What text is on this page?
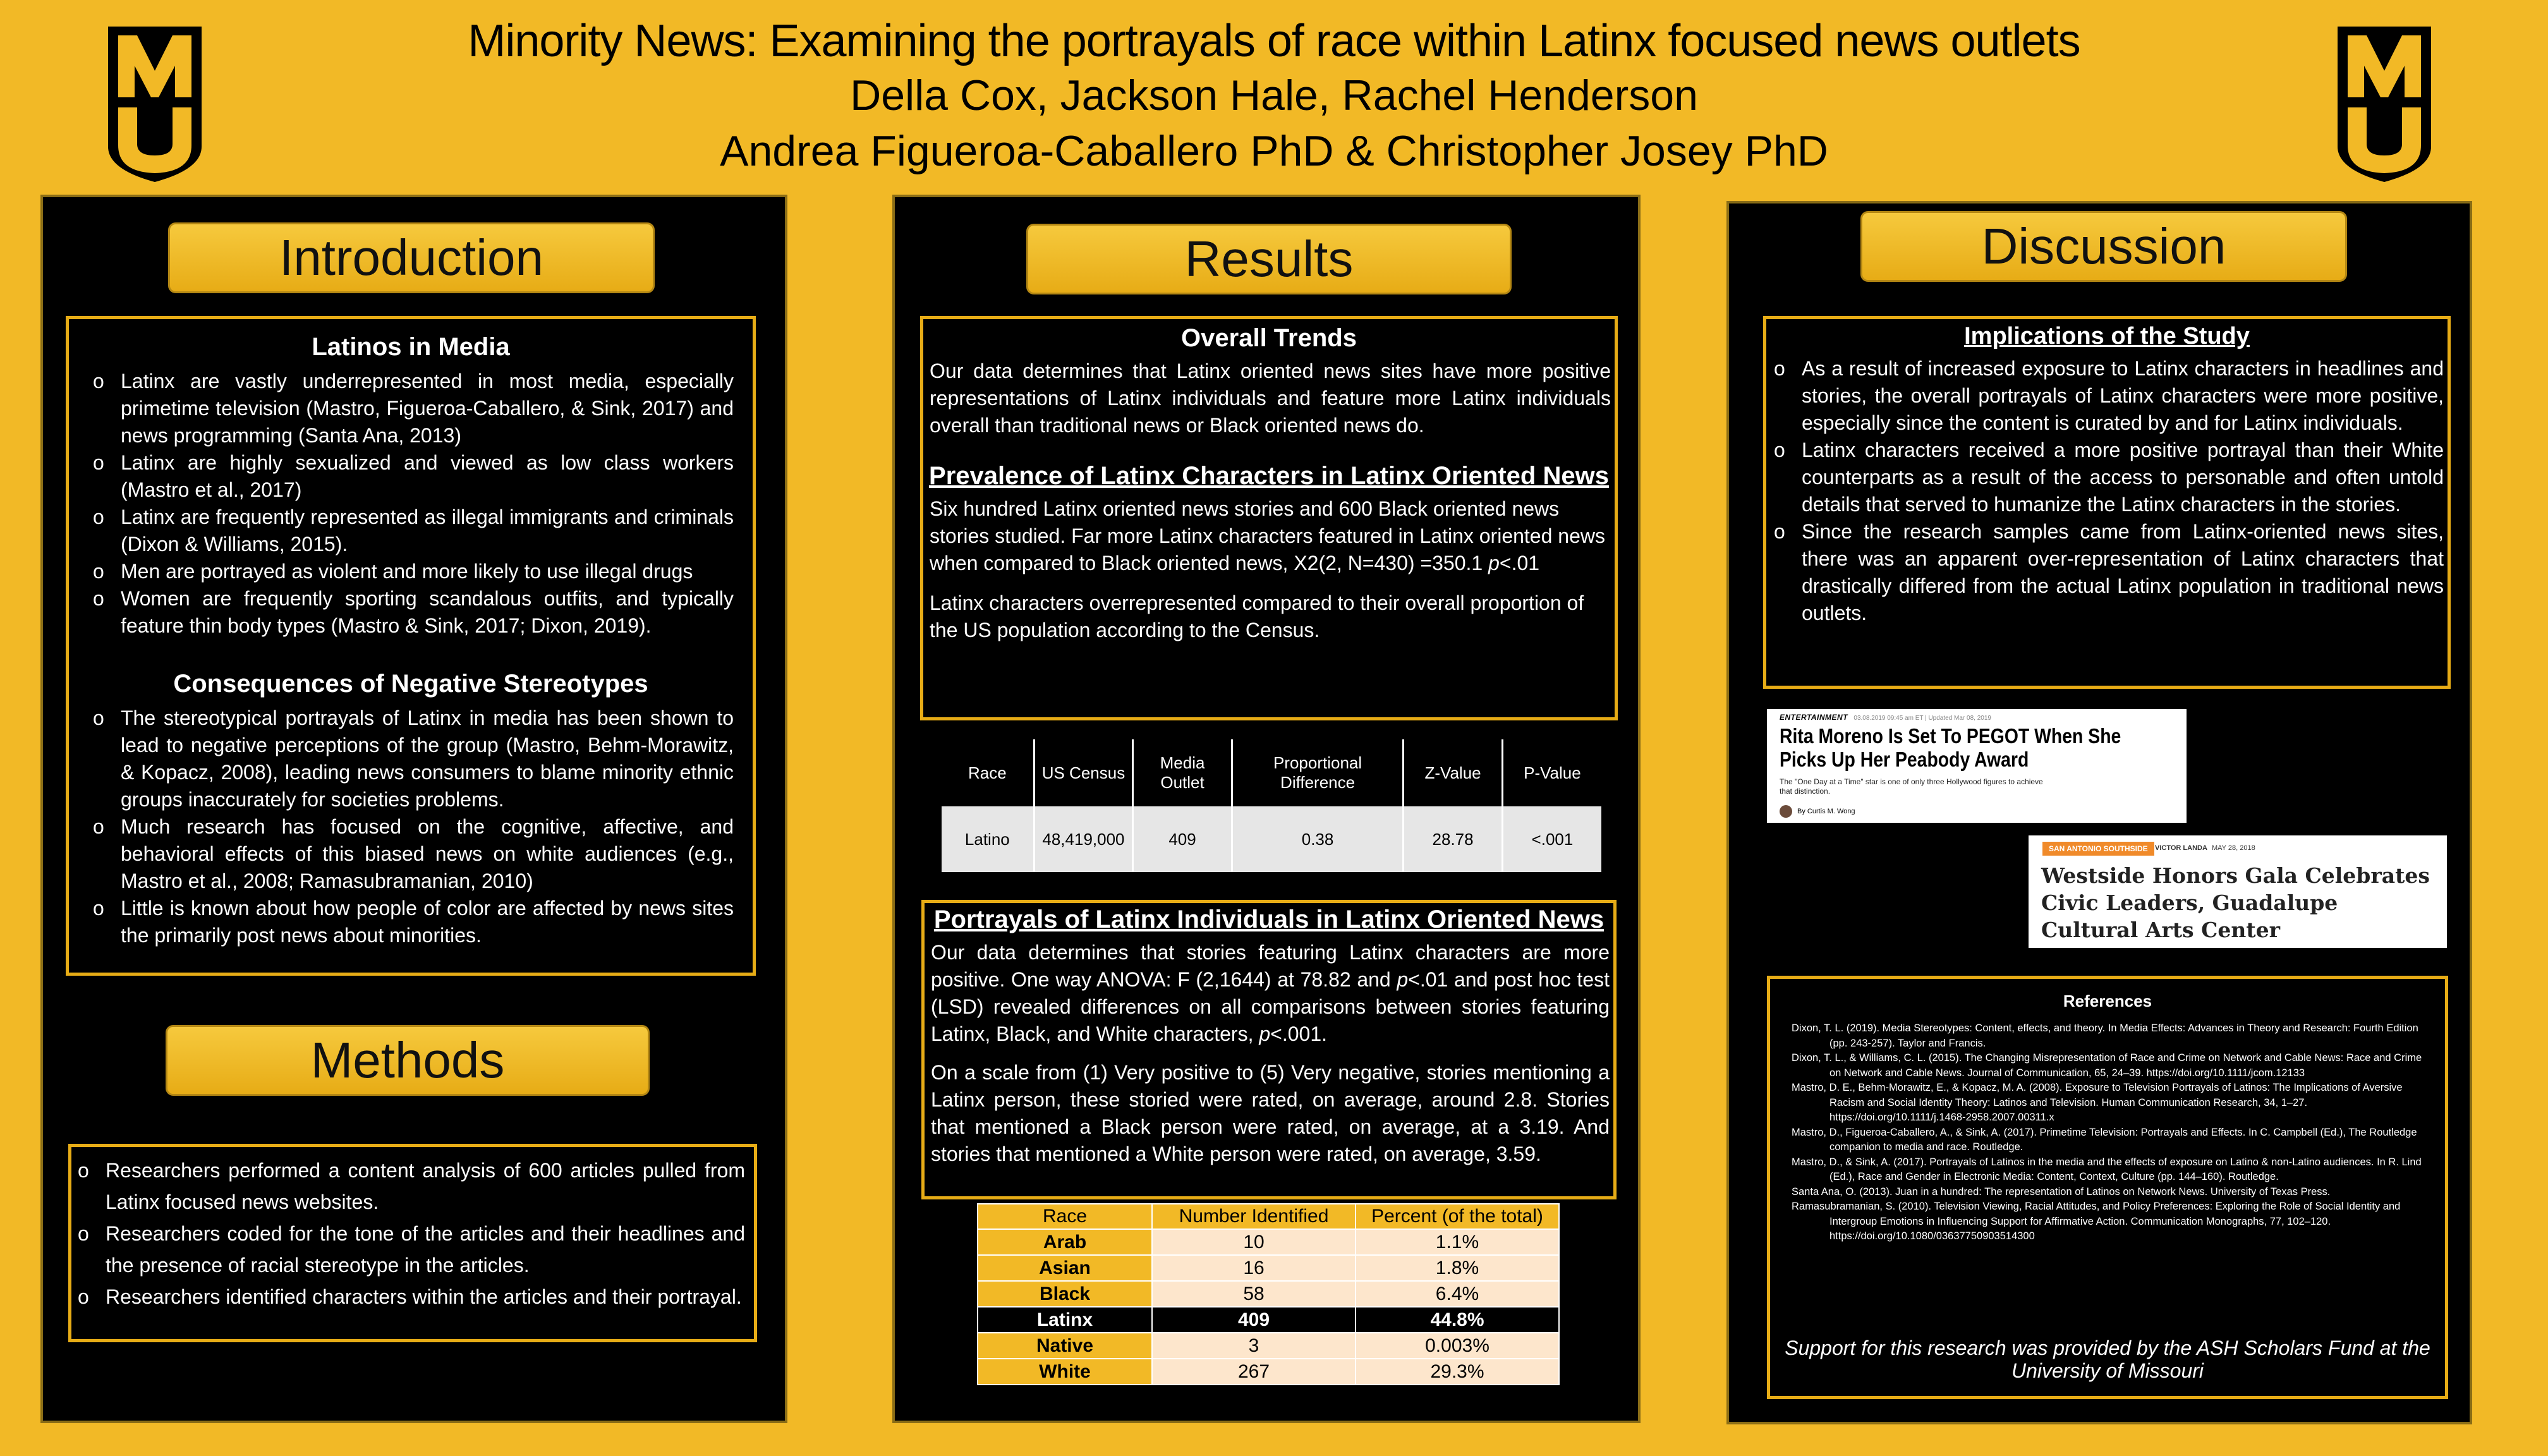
Minority News: Examining the portrayals of race within Latinx focused news outlets
Della Cox, Jackson Hale, Rachel Henderson
Andrea Figueroa-Caballero PhD & Christopher Josey PhD
Introduction
Latinos in Media
o Latinx are vastly underrepresented in most media, especially primetime television (Mastro, Figueroa-Caballero, & Sink, 2017) and news programming (Santa Ana, 2013)
o Latinx are highly sexualized and viewed as low class workers (Mastro et al., 2017)
o Latinx are frequently represented as illegal immigrants and criminals (Dixon & Williams, 2015).
o Men are portrayed as violent and more likely to use illegal drugs
o Women are frequently sporting scandalous outfits, and typically feature thin body types (Mastro & Sink, 2017; Dixon, 2019).
Consequences of Negative Stereotypes
o The stereotypical portrayals of Latinx in media has been shown to lead to negative perceptions of the group (Mastro, Behm-Morawitz, & Kopacz, 2008), leading news consumers to blame minority ethnic groups inaccurately for societies problems.
o Much research has focused on the cognitive, affective, and behavioral effects of this biased news on white audiences (e.g., Mastro et al., 2008; Ramasubramanian, 2010)
o Little is known about how people of color are affected by news sites the primarily post news about minorities.
Methods
o Researchers performed a content analysis of 600 articles pulled from Latinx focused news websites.
o Researchers coded for the tone of the articles and their headlines and the presence of racial stereotype in the articles.
o Researchers identified characters within the articles and their portrayal.
Results
Overall Trends
Our data determines that Latinx oriented news sites have more positive representations of Latinx individuals and feature more Latinx individuals overall than traditional news or Black oriented news do.
Prevalence of Latinx Characters in Latinx Oriented News
Six hundred Latinx oriented news stories and 600 Black oriented news stories studied. Far more Latinx characters featured in Latinx oriented news when compared to Black oriented news, X2(2, N=430) =350.1 p<.01
Latinx characters overrepresented compared to their overall proportion of the US population according to the Census.
Race	US Census	Media Outlet	Proportional Difference	Z-Value	P-Value
Latino	48,419,000	409	0.38	28.78	<.001
Portrayals of Latinx Individuals in Latinx Oriented News
Our data determines that stories featuring Latinx characters are more positive. One way ANOVA: F (2,1644) at 78.82 and p<.01 and post hoc test (LSD) revealed differences on all comparisons between stories featuring Latinx, Black, and White characters, p<.001.
On a scale from (1) Very positive to (5) Very negative, stories mentioning a Latinx person, these storied were rated, on average, around 2.8. Stories that mentioned a Black person were rated, on average, at a 3.19. And stories that mentioned a White person were rated, on average, 3.59.
Race	Number Identified	Percent (of the total)
Arab	10	1.1%
Asian	16	1.8%
Black	58	6.4%
Latinx	409	44.8%
Native	3	0.003%
White	267	29.3%
Discussion
Implications of the Study
o As a result of increased exposure to Latinx characters in headlines and stories, the overall portrayals of Latinx characters were more positive, especially since the content is curated by and for Latinx individuals.
o Latinx characters received a more positive portrayal than their White counterparts as a result of the access to personable and often untold details that served to humanize the Latinx characters in the stories.
o Since the research samples came from Latinx-oriented news sites, there was an apparent over-representation of Latinx characters that drastically differed from the actual Latinx population in traditional news outlets.
ENTERTAINMENT 03.08.2019 09:45 am ET | Updated Mar 08, 2019
Rita Moreno Is Set To PEGOT When She Picks Up Her Peabody Award
The "One Day at a Time" star is one of only three Hollywood figures to achieve that distinction.
By Curtis M. Wong
SAN ANTONIO SOUTHSIDE	VICTOR LANDA MAY 28, 2018
Westside Honors Gala Celebrates Civic Leaders, Guadalupe Cultural Arts Center
References
Dixon, T. L. (2019). Media Stereotypes: Content, effects, and theory. In Media Effects: Advances in Theory and Research: Fourth Edition (pp. 243-257). Taylor and Francis.
Dixon, T. L., & Williams, C. L. (2015). The Changing Misrepresentation of Race and Crime on Network and Cable News: Race and Crime on Network and Cable News. Journal of Communication, 65, 24–39. https://doi.org/10.1111/jcom.12133
Mastro, D. E., Behm-Morawitz, E., & Kopacz, M. A. (2008). Exposure to Television Portrayals of Latinos: The Implications of Aversive Racism and Social Identity Theory: Latinos and Television. Human Communication Research, 34, 1–27. https://doi.org/10.1111/j.1468-2958.2007.00311.x
Mastro, D., Figueroa-Caballero, A., & Sink, A. (2017). Primetime Television: Portrayals and Effects. In C. Campbell (Ed.), The Routledge companion to media and race. Routledge.
Mastro, D., & Sink, A. (2017). Portrayals of Latinos in the media and the effects of exposure on Latino & non-Latino audiences. In R. Lind (Ed.), Race and Gender in Electronic Media: Content, Context, Culture (pp. 144–160). Routledge.
Santa Ana, O. (2013). Juan in a hundred: The representation of Latinos on Network News. University of Texas Press.
Ramasubramanian, S. (2010). Television Viewing, Racial Attitudes, and Policy Preferences: Exploring the Role of Social Identity and Intergroup Emotions in Influencing Support for Affirmative Action. Communication Monographs, 77, 102–120. https://doi.org/10.1080/03637750903514300
Support for this research was provided by the ASH Scholars Fund at the University of Missouri
